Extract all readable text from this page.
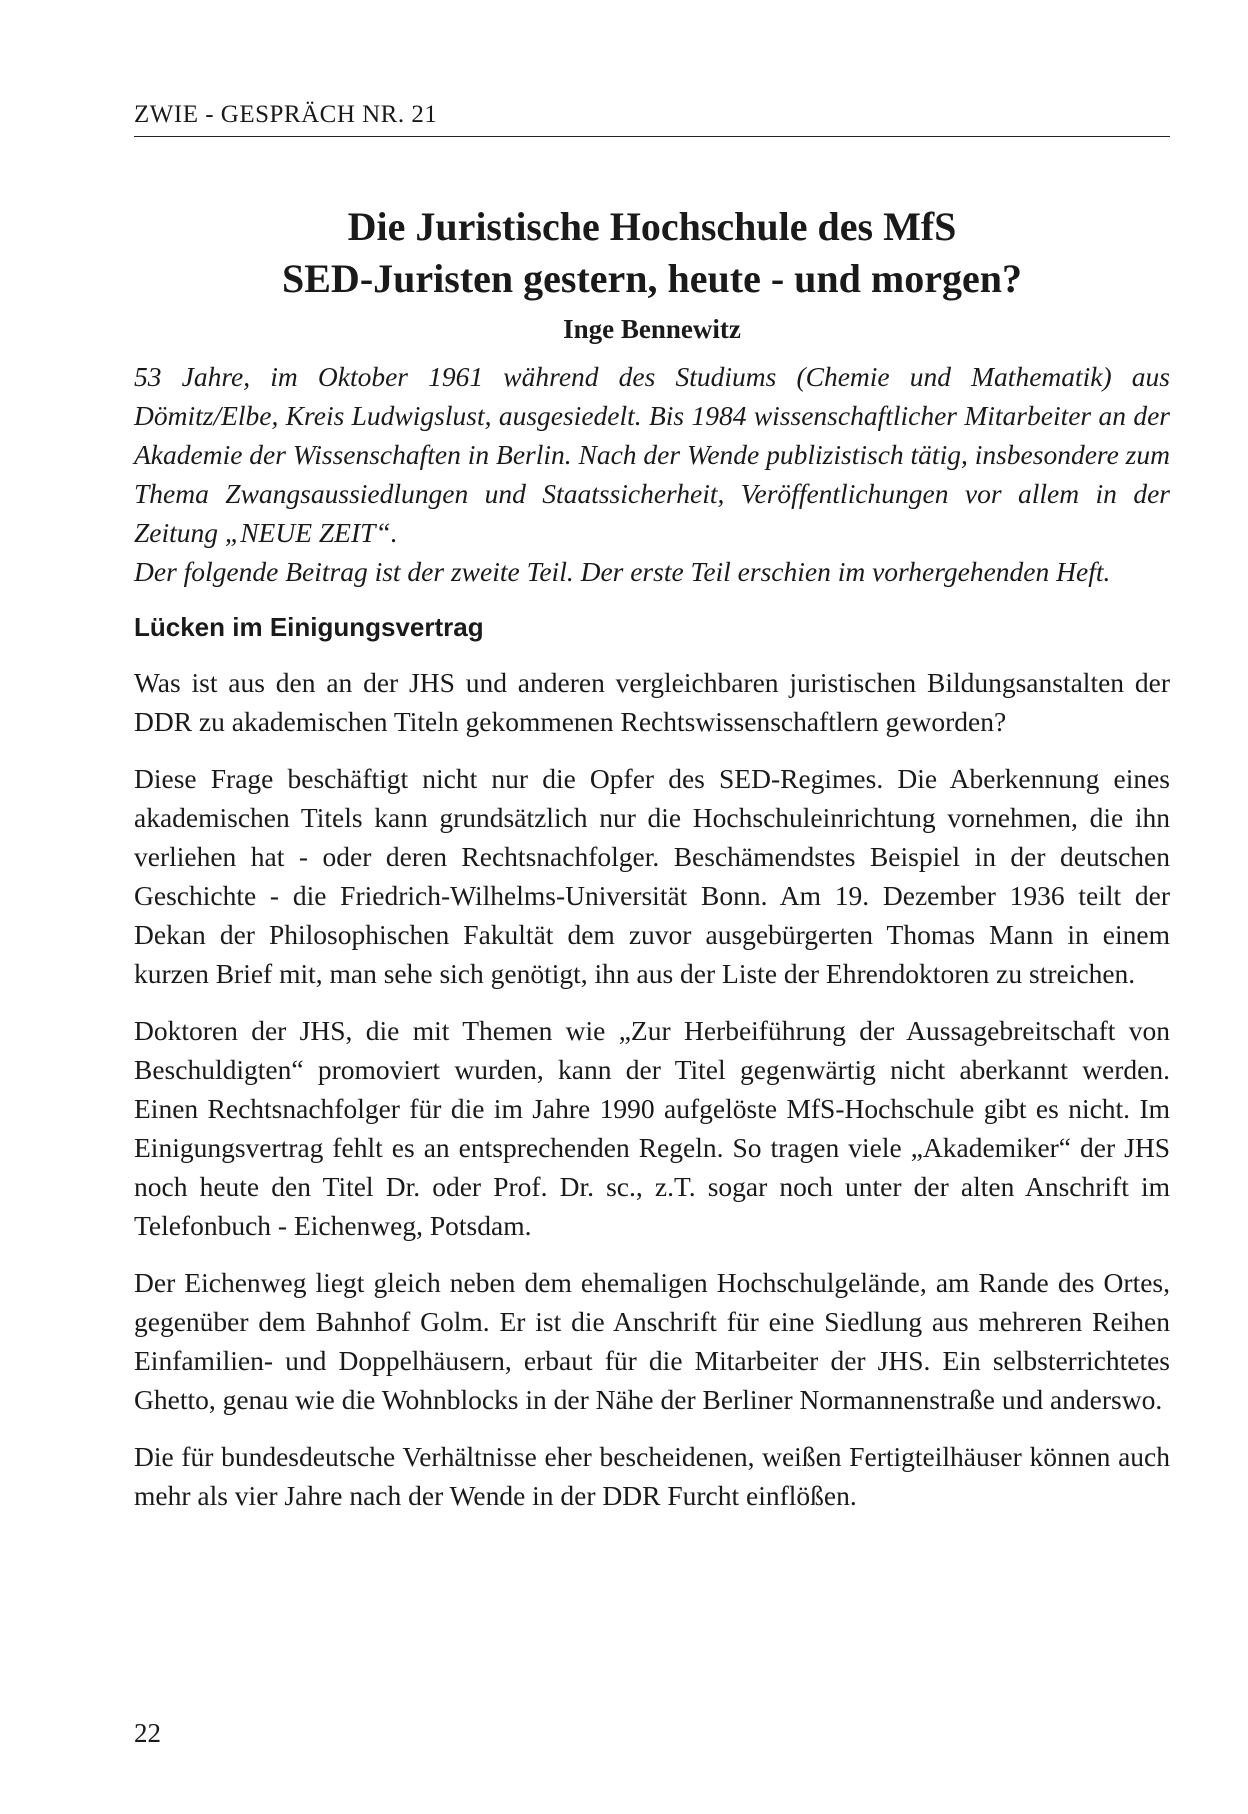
ZWIE - GESPRÄCH NR. 21
Die Juristische Hochschule des MfS
SED-Juristen gestern, heute - und morgen?
Inge Bennewitz

53 Jahre, im Oktober 1961 während des Studiums (Chemie und Mathematik) aus Dömitz/Elbe, Kreis Ludwigslust, ausgesiedelt. Bis 1984 wissenschaftlicher Mitarbeiter an der Akademie der Wissenschaften in Berlin. Nach der Wende publizistisch tätig, insbesondere zum Thema Zwangsaussiedlungen und Staatssicherheit, Veröffentlichungen vor allem in der Zeitung „NEUE ZEIT“.

Der folgende Beitrag ist der zweite Teil. Der erste Teil erschien im vorhergehenden Heft.

Lücken im Einigungsvertrag

Was ist aus den an der JHS und anderen vergleichbaren juristischen Bildungsanstalten der DDR zu akademischen Titeln gekommenen Rechtswissenschaftlern geworden?

Diese Frage beschäftigt nicht nur die Opfer des SED-Regimes. Die Aberkennung eines akademischen Titels kann grundsätzlich nur die Hochschuleinrichtung vornehmen, die ihn verliehen hat - oder deren Rechtsnachfolger. Beschämendstes Beispiel in der deutschen Geschichte - die Friedrich-Wilhelms-Universität Bonn. Am 19. Dezember 1936 teilt der Dekan der Philosophischen Fakultät dem zuvor ausgebürgerten Thomas Mann in einem kurzen Brief mit, man sehe sich genötigt, ihn aus der Liste der Ehrendoktoren zu streichen.

Doktoren der JHS, die mit Themen wie „Zur Herbeiführung der Aussagebreitschaft von Beschuldigten“ promoviert wurden, kann der Titel gegenwärtig nicht aberkannt werden. Einen Rechtsnachfolger für die im Jahre 1990 aufgelöste MfS-Hochschule gibt es nicht. Im Einigungsvertrag fehlt es an entsprechenden Regeln. So tragen viele „Akademiker“ der JHS noch heute den Titel Dr. oder Prof. Dr. sc., z.T. sogar noch unter der alten Anschrift im Telefonbuch - Eichenweg, Potsdam.

Der Eichenweg liegt gleich neben dem ehemaligen Hochschulgelände, am Rande des Ortes, gegenüber dem Bahnhof Golm. Er ist die Anschrift für eine Siedlung aus mehreren Reihen Einfamilien- und Doppelhäusern, erbaut für die Mitarbeiter der JHS. Ein selbsterrichtetes Ghetto, genau wie die Wohnblocks in der Nähe der Berliner Normannenstraße und anderswo.

Die für bundesdeutsche Verhältnisse eher bescheidenen, weißen Fertigteilhäuser können auch mehr als vier Jahre nach der Wende in der DDR Furcht einflößen.

22
